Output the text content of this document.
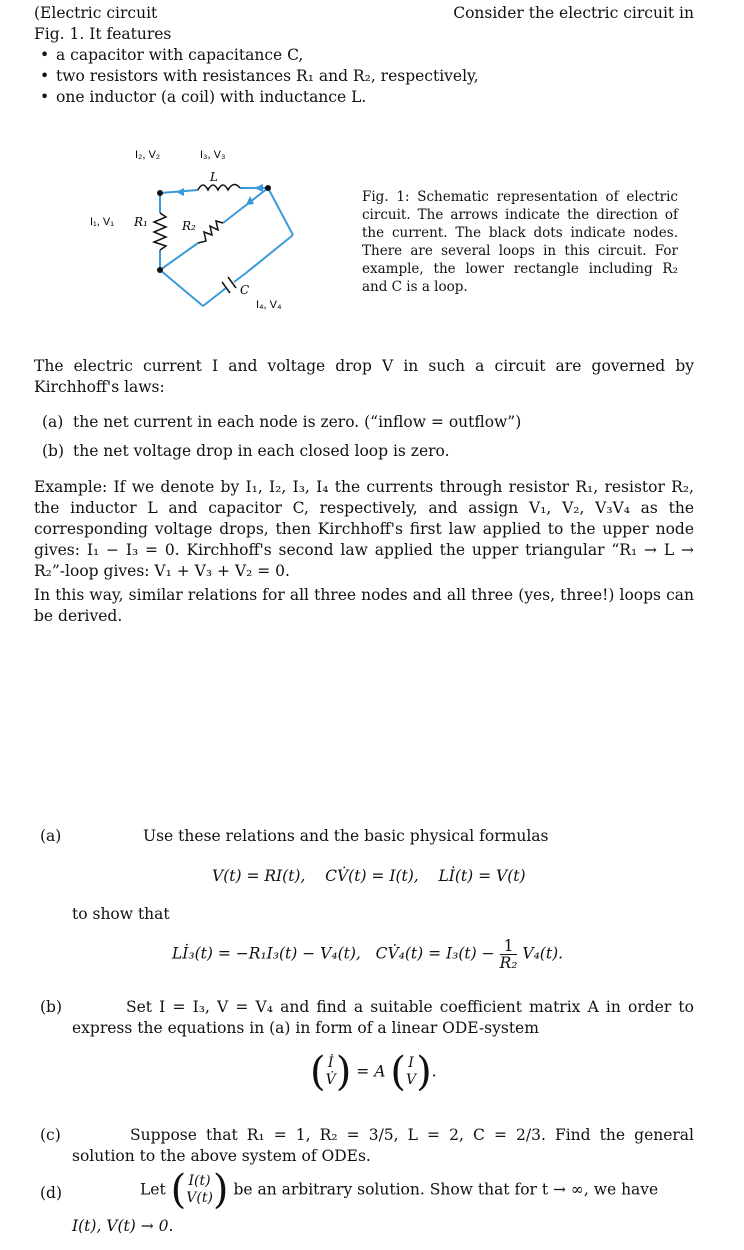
(Electric circuit	Consider the electric circuit in
Fig. 1. It features
• a capacitor with capacitance C,
• two resistors with resistances R₁ and R₂, respectively,
• one inductor (a coil) with inductance L.
I₂, V₂	I₃, V₃
L
I₁, V₁ R₁	R₂
C
I₄, V₄
Fig. 1: Schematic representation of electric circuit. The arrows indicate the direction of the current. The black dots indicate nodes. There are several loops in this circuit. For example, the lower rectangle including R₂ and C is a loop.
The electric current I and voltage drop V in such a circuit are governed by Kirchhoff's laws:
(a) the net current in each node is zero. (“inflow = outflow”)
(b) the net voltage drop in each closed loop is zero.
Example: If we denote by I₁, I₂, I₃, I₄ the currents through resistor R₁, resistor R₂, the inductor L and capacitor C, respectively, and assign V₁, V₂, V₃V₄ as the corresponding voltage drops, then Kirchhoff's first law applied to the upper node gives: I₁ − I₃ = 0. Kirchhoff's second law applied the upper triangular “R₁ → L → R₂”-loop gives: V₁ + V₃ + V₂ = 0.
In this way, similar relations for all three nodes and all three (yes, three!) loops can be derived.
(a)	Use these relations and the basic physical formulas
V(t) = RI(t), CV̇(t) = I(t), Lİ(t) = V(t)
to show that
Lİ₃(t) = −R₁I₃(t) − V₄(t), CV̇₄(t) = $I_3(t) - \frac{1}{\text{R₂}} V_4(t)$.
(b)	Set I = I₃, V = V₄ and find a suitable coefficient matrix A in order to express the equations in (a) in form of a linear ODE-system
( İ
V̇) = A ( I
V).
(c)	Suppose that R₁ = 1, R₂ = 3/5, L = 2, C = 2/3. Find the general solution to the above system of ODEs.
(d)	Let ( I(t)
V(t)) be an arbitrary solution. Show that for t → ∞, we have
I(t), V(t) → 0.
